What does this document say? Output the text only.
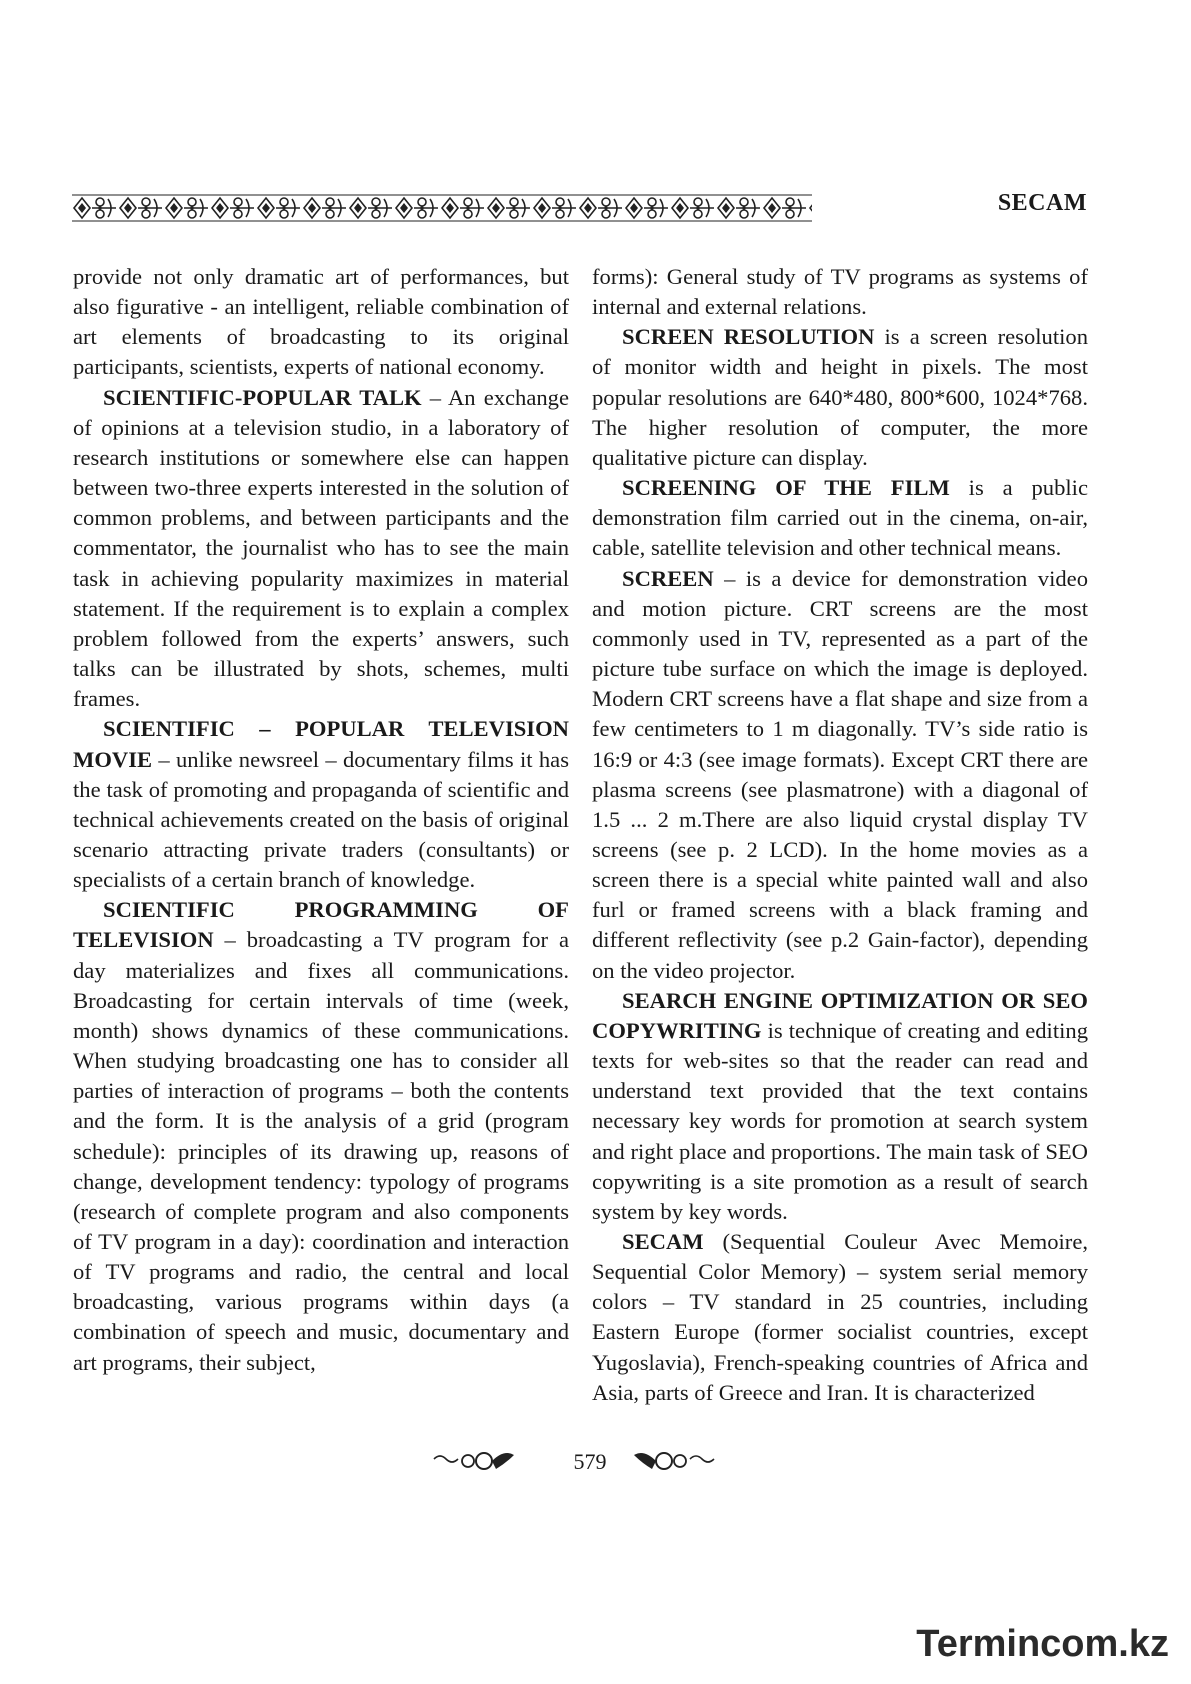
SECAM

provide not only dramatic art of performances, but also figurative - an intelligent, reliable combination of art elements of broadcasting to its original participants, scientists, experts of national economy.

SCIENTIFIC-POPULAR TALK – An exchange of opinions at a television studio, in a laboratory of research institutions or somewhere else can happen between two-three experts interested in the solution of common problems, and between participants and the commentator, the journalist who has to see the main task in achieving popularity maximizes in material statement. If the requirement is to explain a complex problem followed from the experts’ answers, such talks can be illustrated by shots, schemes, multi frames.

SCIENTIFIC – POPULAR TELEVISION MOVIE – unlike newsreel – documentary films it has the task of promoting and propaganda of scientific and technical achievements created on the basis of original scenario attracting private traders (consultants) or specialists of a certain branch of knowledge.

SCIENTIFIC PROGRAMMING OF TELEVISION – broadcasting a TV program for a day materializes and fixes all communications. Broadcasting for certain intervals of time (week, month) shows dynamics of these communications. When studying broadcasting one has to consider all parties of interaction of programs – both the contents and the form. It is the analysis of a grid (program schedule): principles of its drawing up, reasons of change, development tendency: typology of programs (research of complete program and also components of TV program in a day): coordination and interaction of TV programs and radio, the central and local broadcasting, various programs within days (a combination of speech and music, documentary and art programs, their subject,

forms): General study of TV programs as systems of internal and external relations.

SCREEN RESOLUTION is a screen resolution of monitor width and height in pixels. The most popular resolutions are 640*480, 800*600, 1024*768. The higher resolution of computer, the more qualitative picture can display.

SCREENING OF THE FILM is a public demonstration film carried out in the cinema, on-air, cable, satellite television and other technical means.

SCREEN – is a device for demonstration video and motion picture. CRT screens are the most commonly used in TV, represented as a part of the picture tube surface on which the image is deployed. Modern CRT screens have a flat shape and size from a few centimeters to 1 m diagonally. TV’s side ratio is 16:9 or 4:3 (see image formats). Except CRT there are plasma screens (see plasmatrone) with a diagonal of 1.5 ... 2 m.There are also liquid crystal display TV screens (see p. 2 LCD). In the home movies as a screen there is a special white painted wall and also furl or framed screens with a black framing and different reflectivity (see p.2 Gain-factor), depending on the video projector.

SEARCH ENGINE OPTIMIZATION OR SEO COPYWRITING is technique of creating and editing texts for web-sites so that the reader can read and understand text provided that the text contains necessary key words for promotion at search system and right place and proportions. The main task of SEO copywriting is a site promotion as a result of search system by key words.

SECAM (Sequential Couleur Avec Memoire, Sequential Color Memory) – system serial memory colors – TV standard in 25 countries, including Eastern Europe (former socialist countries, except Yugoslavia), French-speaking countries of Africa and Asia, parts of Greece and Iran. It is characterized

579
Termincom.kz
